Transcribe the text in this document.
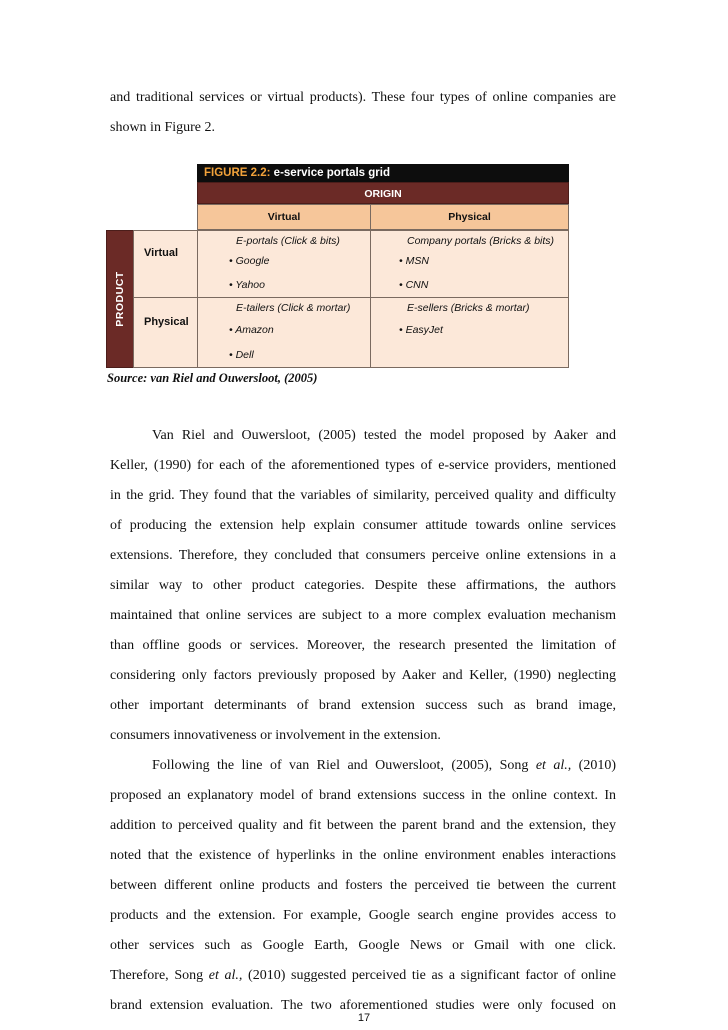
and traditional services or virtual products). These four types of online companies are
shown in Figure 2.
FIGURE 2.2: e-service portals grid
ORIGIN
Virtual	Physical
PRODUCT
Virtual
Physical
E-portals (Click & bits)
• Google
• Yahoo
Company portals (Bricks & bits)
• MSN
• CNN
E-tailers (Click & mortar)
• Amazon
• Dell
E-sellers (Bricks & mortar)
• EasyJet
Source: van Riel and Ouwersloot, (2005)
Van Riel and Ouwersloot, (2005) tested the model proposed by Aaker and
Keller, (1990) for each of the aforementioned types of e-service providers, mentioned
in the grid. They found that the variables of similarity, perceived quality and difficulty
of producing the extension help explain consumer attitude towards online services
extensions. Therefore, they concluded that consumers perceive online extensions in a
similar way to other product categories. Despite these affirmations, the authors
maintained that online services are subject to a more complex evaluation mechanism
than offline goods or services. Moreover, the research presented the limitation of
considering only factors previously proposed by Aaker and Keller, (1990) neglecting
other important determinants of brand extension success such as brand image,
consumers innovativeness or involvement in the extension.
Following the line of van Riel and Ouwersloot, (2005), Song et al., (2010)
proposed an explanatory model of brand extensions success in the online context. In
addition to perceived quality and fit between the parent brand and the extension, they
noted that the existence of hyperlinks in the online environment enables interactions
between different online products and fosters the perceived tie between the current
products and the extension. For example, Google search engine provides access to
other services such as Google Earth, Google News or Gmail with one click.
Therefore, Song et al., (2010) suggested perceived tie as a significant factor of online
brand extension evaluation. The two aforementioned studies were only focused on
17
